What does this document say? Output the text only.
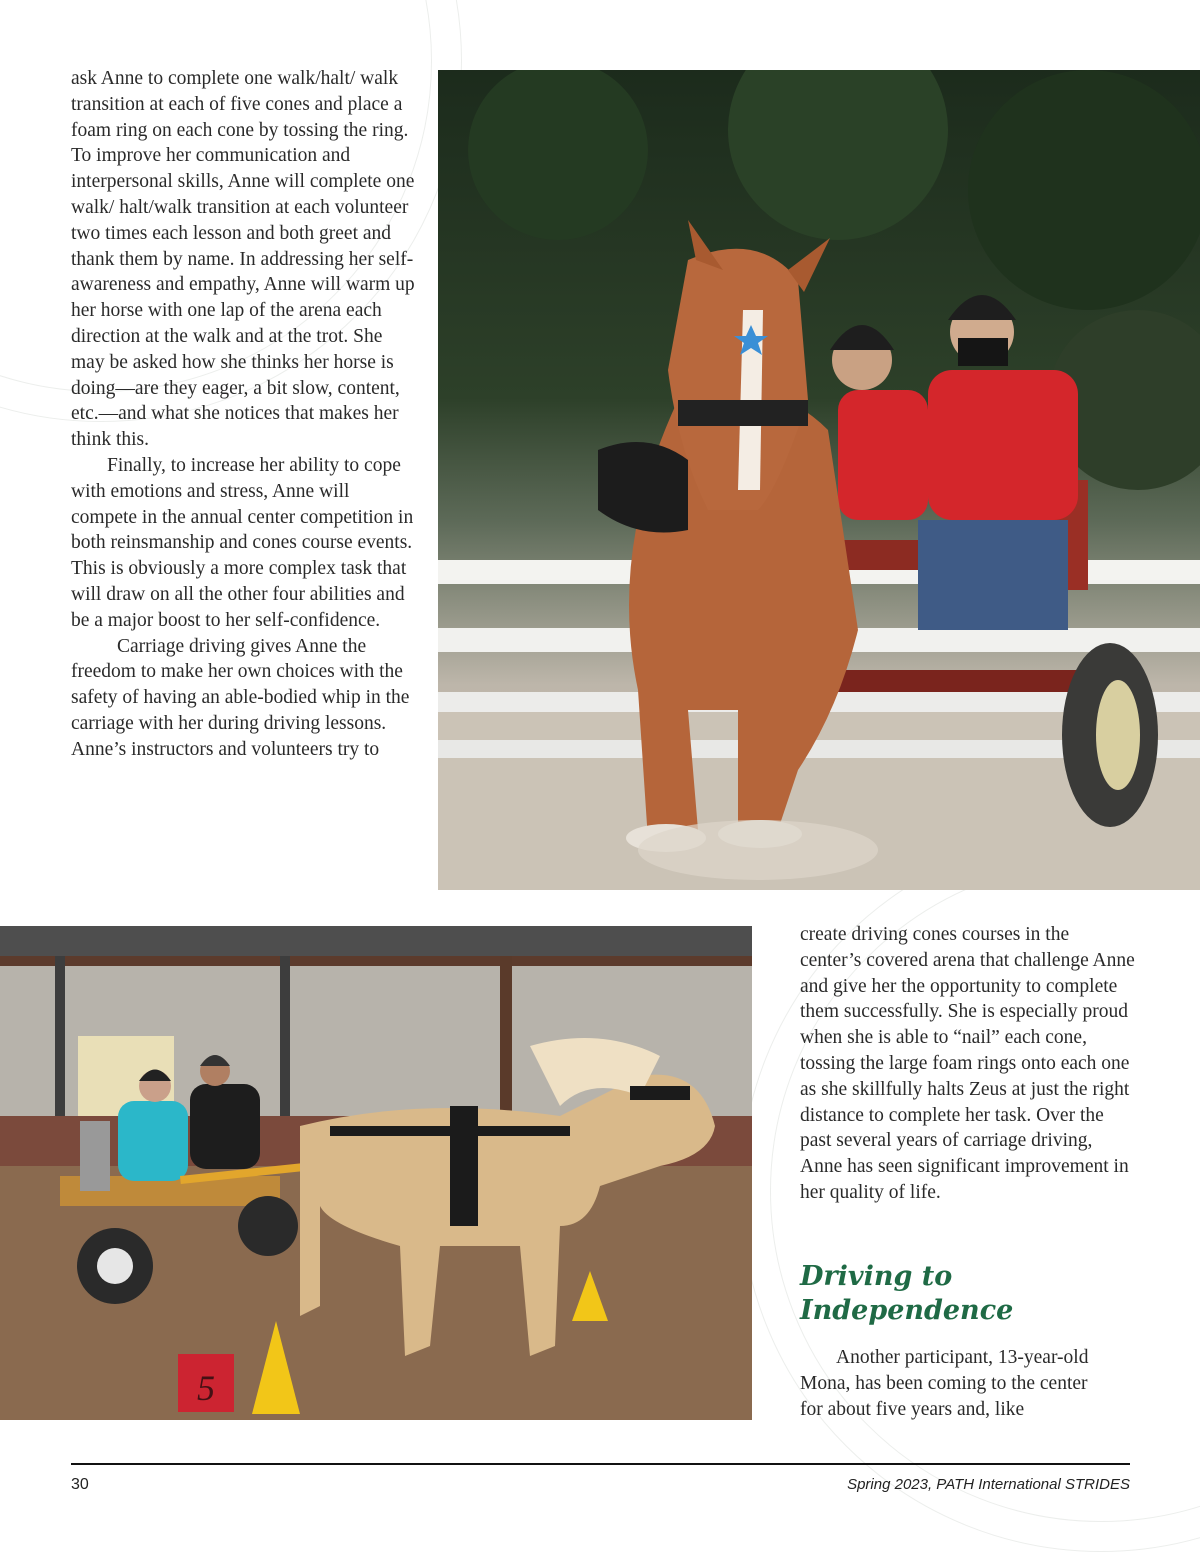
ask Anne to complete one walk/halt/ walk transition at each of five cones and place a foam ring on each cone by tossing the ring. To improve her communication and interpersonal skills, Anne will complete one walk/ halt/walk transition at each volunteer two times each lesson and both greet and thank them by name. In addressing her self-awareness and empathy, Anne will warm up her horse with one lap of the arena each direction at the walk and at the trot. She may be asked how she thinks her horse is doing—are they eager, a bit slow, content, etc.—and what she notices that makes her think this.

Finally, to increase her ability to cope with emotions and stress, Anne will compete in the annual center competition in both reinsmanship and cones course events. This is obviously a more complex task that will draw on all the other four abilities and be a major boost to her self-confidence.

Carriage driving gives Anne the freedom to make her own choices with the safety of having an able-bodied whip in the carriage with her during driving lessons. Anne’s instructors and volunteers try to

5

create driving cones courses in the center’s covered arena that challenge Anne and give her the opportunity to complete them successfully. She is especially proud when she is able to “nail” each cone, tossing the large foam rings onto each one as she skillfully halts Zeus at just the right distance to complete her task. Over the past several years of carriage driving, Anne has seen significant improvement in her quality of life.

Driving to
Independence

Another participant, 13-year-old Mona, has been coming to the center for about five years and, like

30	Spring 2023, PATH International STRIDES
